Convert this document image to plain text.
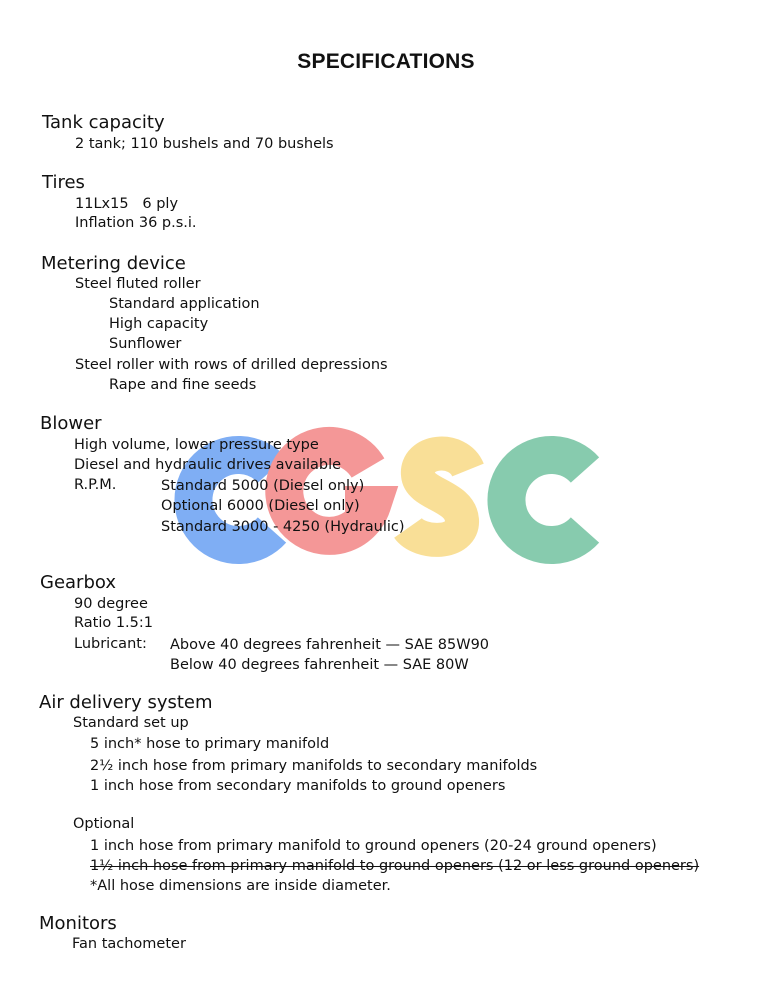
SPECIFICATIONS
Tank capacity
2 tank; 110 bushels and 70 bushels
Tires
11Lx15   6 ply
Inflation 36 p.s.i.
Metering device
Steel fluted roller
Standard application
High capacity
Sunflower
Steel roller with rows of drilled depressions
Rape and fine seeds
Blower
High volume, lower pressure type
Diesel and hydraulic drives available
R.P.M.	Standard 5000 (Diesel only)
Optional 6000 (Diesel only)
Standard 3000 - 4250 (Hydraulic)
Gearbox
90 degree
Ratio 1.5:1
Lubricant: Above 40 degrees fahrenheit — SAE 85W90
Below 40 degrees fahrenheit — SAE 80W
Air delivery system
Standard set up
5 inch* hose to primary manifold
2½ inch hose from primary manifolds to secondary manifolds
1 inch hose from secondary manifolds to ground openers
Optional
1 inch hose from primary manifold to ground openers (20-24 ground openers)
1½ inch hose from primary manifold to ground openers (12 or less ground openers)
*All hose dimensions are inside diameter.
Monitors
Fan tachometer
